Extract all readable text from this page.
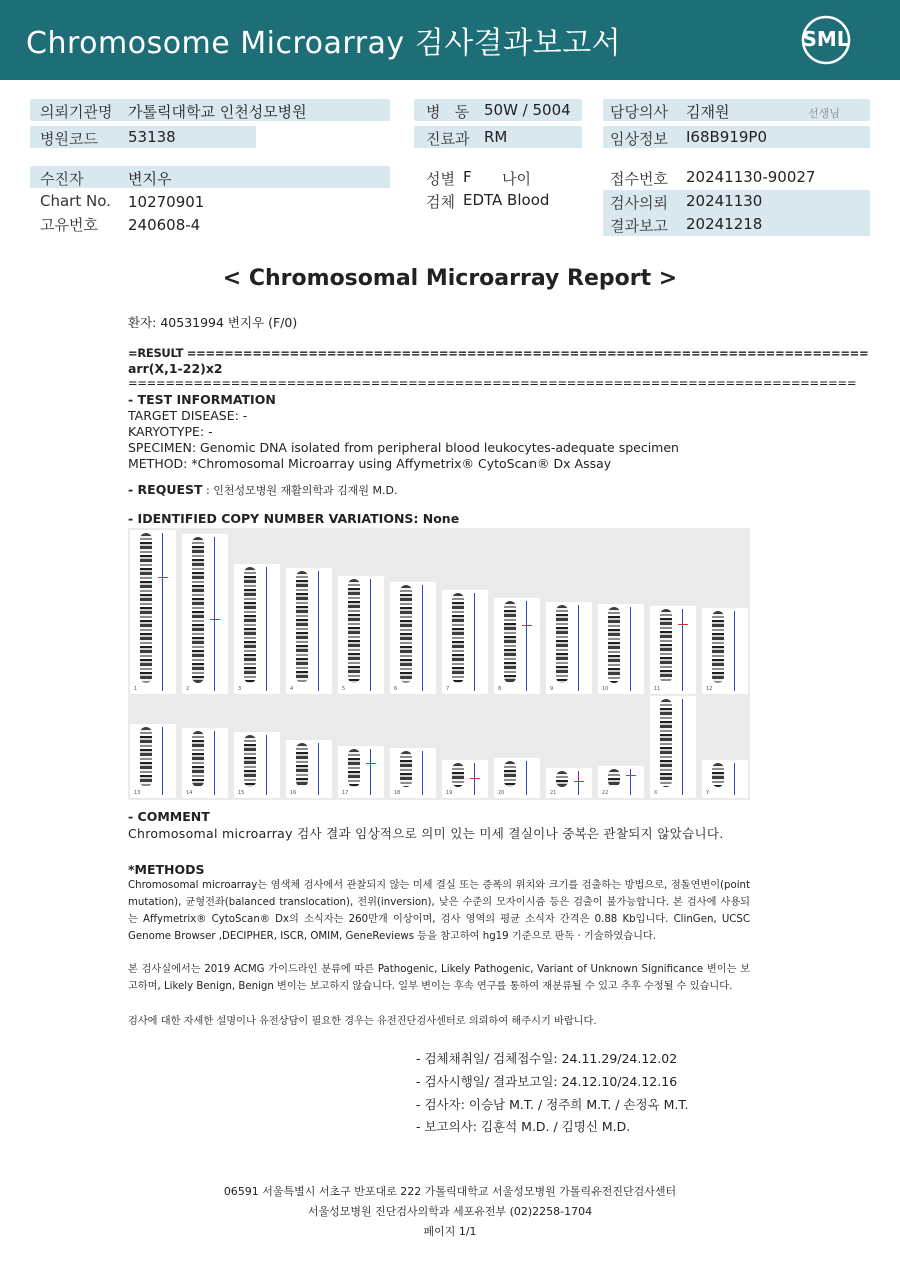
Chromosome Microarray 검사결과보고서	SML
의뢰기관명 가톨릭대학교 인천성모병원
병원코드 53138
병   동 50W / 5004
진료과 RM
담당의사 김재원	선생님
임상정보 I68B919P0
수진자	변지우
Chart No. 10270901
고유번호 240608-4
성별 F 나이
검체 EDTA Blood
접수번호 20241130-90027
검사의뢰 20241130
결과보고 20241218
< Chromosomal Microarray Report >
환자: 40531994 변지우 (F/0)
=RESULT =========================================================================
arr(X,1-22)x2
==============================================================================
- TEST INFORMATION
TARGET DISEASE: -
KARYOTYPE: -
SPECIMEN: Genomic DNA isolated from peripheral blood leukocytes-adequate specimen
METHOD: *Chromosomal Microarray using Affymetrix® CytoScan® Dx Assay
- REQUEST : 인천성모병원 재활의학과 김재원 M.D.
- IDENTIFIED COPY NUMBER VARIATIONS: None
1	2	3	4	5	6	7	8	9	10	11	12
13	14	15	16	17	18	19	20	21	22	X	Y
- COMMENT
Chromosomal microarray 검사 결과 임상적으로 의미 있는 미세 결실이나 중복은 관찰되지 않았습니다.
*METHODS
Chromosomal microarray는 염색체 검사에서 관찰되지 않는 미세 결실 또는 증폭의 위치와 크기를 검출하는 방법으로, 점돌연변이(point mutation), 균형전좌(balanced translocation), 전위(inversion), 낮은 수준의 모자이시즘 등은 검출이 불가능합니다. 본 검사에 사용되는 Affymetrix® CytoScan® Dx의 소식자는 260만개 이상이며, 검사 영역의 평균 소식자 간격은 0.88 Kb입니다. ClinGen, UCSC Genome Browser ,DECIPHER, ISCR, OMIM, GeneReviews 등을 참고하여 hg19 기준으로 판독 · 기술하였습니다.
본 검사실에서는 2019 ACMG 가이드라인 분류에 따른 Pathogenic, Likely Pathogenic, Variant of Unknown Significance 변이는 보고하며, Likely Benign, Benign 변이는 보고하지 않습니다. 일부 변이는 후속 연구를 통하여 재분류될 수 있고 추후 수정될 수 있습니다.
검사에 대한 자세한 설명이나 유전상담이 필요한 경우는 유전진단검사센터로 의뢰하여 해주시기 바랍니다.
- 검체채취일/ 검체접수일: 24.11.29/24.12.02
- 검사시행일/ 결과보고일: 24.12.10/24.12.16
- 검사자: 이승남 M.T. / 정주희 M.T. / 손정옥 M.T.
- 보고의사: 김훈석 M.D. / 김명신 M.D.
06591 서울특별시 서초구 반포대로 222 가톨릭대학교 서울성모병원 가톨릭유전진단검사센터
서울성모병원 진단검사의학과 세포유전부 (02)2258-1704
페이지 1/1
